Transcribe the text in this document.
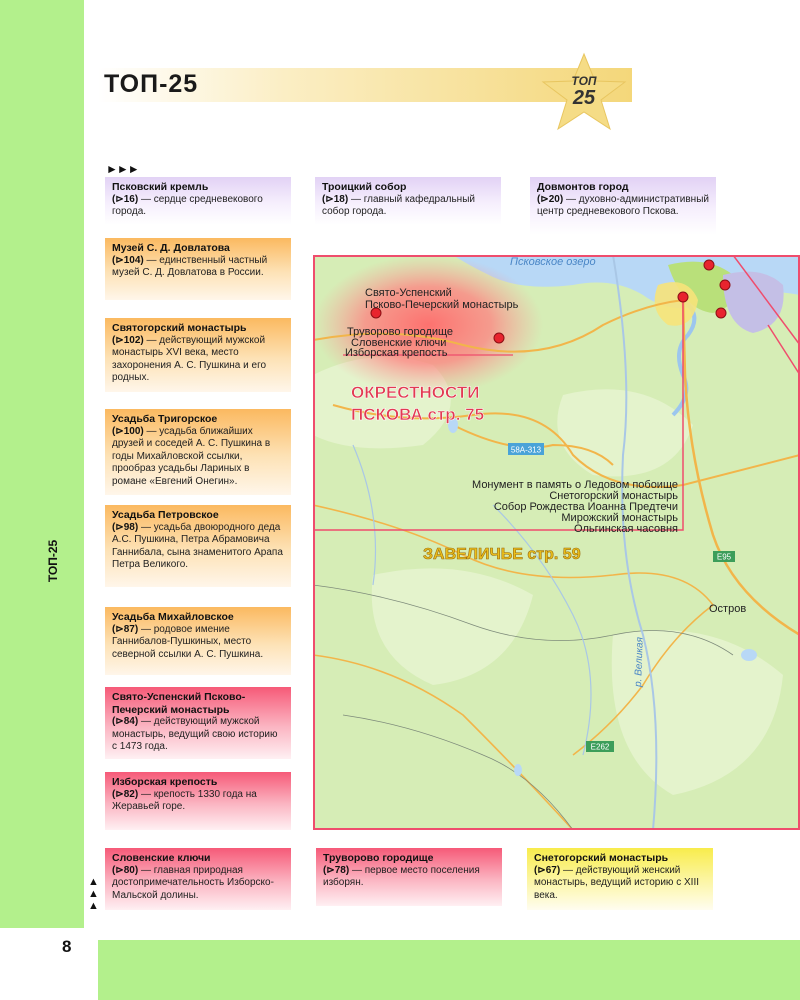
8
ТОП-25
ТОП-25	ТОП
25
►►►
▲
▲
▲
Псковский кремль
(⊳16) — сердце средневекового города.
Троицкий собор
(⊳18) — главный кафедральный собор города.
Довмонтов город
(⊳20) — духовно-административный центр средневекового Пскова.
Музей С. Д. Довлатова
(⊳104) — единственный частный музей С. Д. Довлатова в России.
Святогорский монастырь
(⊳102) — действующий мужской монастырь XVI века, место захоронения А. С. Пушкина и его родных.
Усадьба Тригорское
(⊳100) — усадьба ближайших друзей и соседей А. С. Пушкина в годы Михайловской ссылки, прообраз усадьбы Лариных в романе «Евгений Онегин».
Усадьба Петровское
(⊳98) — усадьба двоюродного деда А.С. Пушкина, Петра Абрамовича Ганнибала, сына знаменитого Арапа Петра Великого.
Усадьба Михайловское
(⊳87) — родовое имение Ганнибалов-Пушкиных, место северной ссылки А. С. Пушкина.
Свято-Успенский Псково-Печерский монастырь
(⊳84) — действующий мужской монастырь, ведущий свою историю с 1473 года.
Изборская крепость
(⊳82) — крепость 1330 года на Жеравьей горе.
Словенские ключи
(⊳80) — главная природная достопримечательность Изборско-Мальской долины.
Труворово городище
(⊳78) — первое место поселения изборян.
Снетогорский монастырь
(⊳67) — действующий женский монастырь, ведущий историю с XIII века.
58A-313
E95
E262
Псковское озеро
Свято-Успенский
Псково-Печерский монастырь
Труворово городище
Словенские ключи
Изборская крепость
ОКРЕСТНОСТИ
ПСКОВА стр. 75
Монумент в память о Ледовом побоище
Снетогорский монастырь
Собор Рождества Иоанна Предтечи
Мирожский монастырь
Ольгинская часовня
ЗАВЕЛИЧЬЕ стр. 59
Остров
р. Великая
